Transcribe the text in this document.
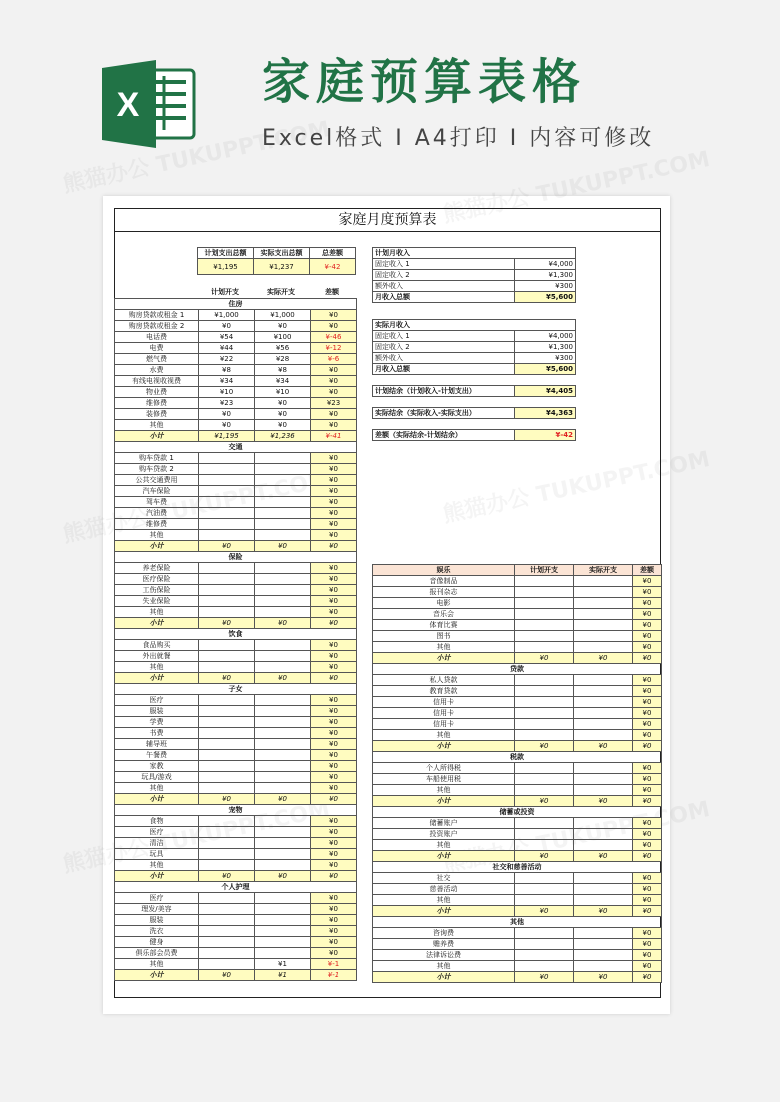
X	家庭预算表格
Excel格式 I A4打印 I 内容可修改
家庭月度预算表
计划支出总额	实际支出总额	总差额
¥1,195	¥1,237	¥-42
计划开支	实际开支	差额
住房			
购房贷款或租金 1	¥1,000	¥1,000	¥0
购房贷款或租金 2	¥0	¥0	¥0
电话费	¥54	¥100	¥-46
电费	¥44	¥56	¥-12
燃气费	¥22	¥28	¥-6
水费	¥8	¥8	¥0
有线电视收视费	¥34	¥34	¥0
物业费	¥10	¥10	¥0
维修费	¥23	¥0	¥23
装修费	¥0	¥0	¥0
其他	¥0	¥0	¥0
小计	¥1,195	¥1,236	¥-41
交通			
购车贷款 1			¥0
购车贷款 2			¥0
公共交通费用			¥0
汽车保险			¥0
驾车费			¥0
汽油费			¥0
维修费			¥0
其他			¥0
小计	¥0	¥0	¥0
保险			
养老保险			¥0
医疗保险			¥0
工伤保险			¥0
失业保险			¥0
其他			¥0
小计	¥0	¥0	¥0
饮食			
食品购买			¥0
外出就餐			¥0
其他			¥0
小计	¥0	¥0	¥0
子女			
医疗			¥0
服装			¥0
学费			¥0
书费			¥0
辅导班			¥0
午餐费			¥0
家教			¥0
玩具/游戏			¥0
其他			¥0
小计	¥0	¥0	¥0
宠物			
食物			¥0
医疗			¥0
清洁			¥0
玩具			¥0
其他			¥0
小计	¥0	¥0	¥0
个人护理			
医疗			¥0
理发/美容			¥0
服装			¥0
洗衣			¥0
健身			¥0
俱乐部会员费			¥0
其他		¥1	¥-1
小计	¥0	¥1	¥-1
计划月收入	
固定收入 1	¥4,000
固定收入 2	¥1,300
额外收入	¥300
月收入总额	¥5,600
实际月收入	
固定收入 1	¥4,000
固定收入 2	¥1,300
额外收入	¥300
月收入总额	¥5,600
计划结余（计划收入-计划支出）	¥4,405
实际结余（实际收入-实际支出）	¥4,363
差额（实际结余-计划结余）	¥-42
娱乐	计划开支	实际开支	差额
音像制品			¥0
报刊杂志			¥0
电影			¥0
音乐会			¥0
体育比赛			¥0
图书			¥0
其他			¥0
小计	¥0	¥0	¥0
贷款			
私人贷款			¥0
教育贷款			¥0
信用卡			¥0
信用卡			¥0
信用卡			¥0
其他			¥0
小计	¥0	¥0	¥0
税款			
个人所得税			¥0
车船使用税			¥0
其他			¥0
小计	¥0	¥0	¥0
储蓄或投资			
储蓄账户			¥0
投资账户			¥0
其他			¥0
小计	¥0	¥0	¥0
社交和慈善活动			
社交			¥0
慈善活动			¥0
其他			¥0
小计	¥0	¥0	¥0
其他			
咨询费			¥0
赡养费			¥0
法律诉讼费			¥0
其他			¥0
小计	¥0	¥0	¥0
